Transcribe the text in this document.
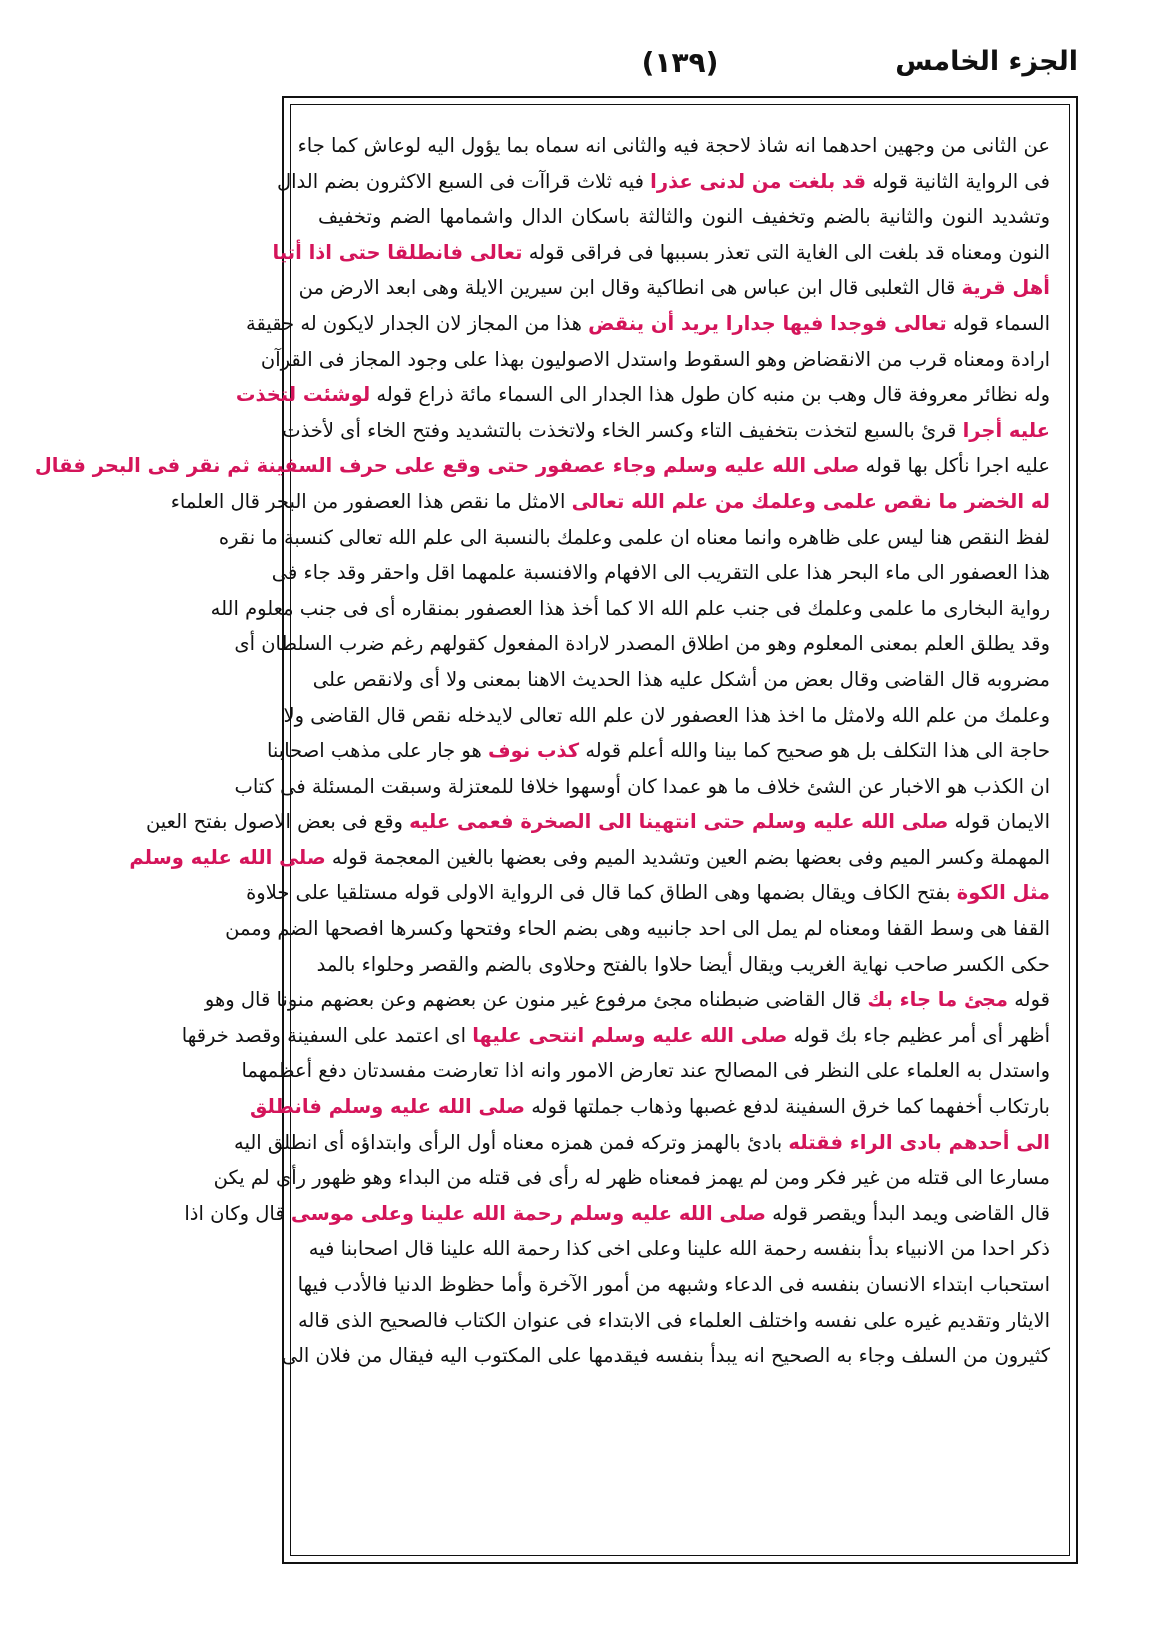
الجزء الخامس
(١٣٩)
عن الثانى من وجهين احدهما انه شاذ لاحجة فيه والثانى انه سماه بما يؤول اليه لوعاش كما جاء
فى الرواية الثانية قوله قد بلغت من لدنى عذرا فيه ثلاث قراآت فى السبع الاكثرون بضم الدال
وتشديد النون والثانية بالضم وتخفيف النون والثالثة باسكان الدال واشمامها الضم وتخفيف
النون ومعناه قد بلغت الى الغاية التى تعذر بسببها فى فراقى قوله تعالى فانطلقا حتى اذا أتيا
أهل قرية قال الثعلبى قال ابن عباس هى انطاكية وقال ابن سيرين الايلة وهى ابعد الارض من
السماء قوله تعالى فوجدا فيها جدارا يريد أن ينقض هذا من المجاز لان الجدار لايكون له حقيقة
ارادة ومعناه قرب من الانقضاض وهو السقوط واستدل الاصوليون بهذا على وجود المجاز فى القرآن
وله نظائر معروفة قال وهب بن منبه كان طول هذا الجدار الى السماء مائة ذراع قوله لوشئت لتخذت
عليه أجرا قرئ بالسبع لتخذت بتخفيف التاء وكسر الخاء ولاتخذت بالتشديد وفتح الخاء أى لأخذت
عليه اجرا نأكل بها قوله صلى الله عليه وسلم وجاء عصفور حتى وقع على حرف السفينة ثم نقر فى البحر فقال
له الخضر ما نقص علمى وعلمك من علم الله تعالى الامثل ما نقص هذا العصفور من البحر قال العلماء
لفظ النقص هنا ليس على ظاهره وانما معناه ان علمى وعلمك بالنسبة الى علم الله تعالى كنسبة ما نقره
هذا العصفور الى ماء البحر هذا على التقريب الى الافهام والافنسبة علمهما اقل واحقر وقد جاء فى
رواية البخارى ما علمى وعلمك فى جنب علم الله الا كما أخذ هذا العصفور بمنقاره أى فى جنب معلوم الله
وقد يطلق العلم بمعنى المعلوم وهو من اطلاق المصدر لارادة المفعول كقولهم رغم ضرب السلطان أى
مضروبه قال القاضى وقال بعض من أشكل عليه هذا الحديث الاهنا بمعنى ولا أى ولانقص على
وعلمك من علم الله ولامثل ما اخذ هذا العصفور لان علم الله تعالى لايدخله نقص قال القاضى ولا
حاجة الى هذا التكلف بل هو صحيح كما بينا والله أعلم قوله كذب نوف هو جار على مذهب اصحابنا
ان الكذب هو الاخبار عن الشئ خلاف ما هو عمدا كان أوسهوا خلافا للمعتزلة وسبقت المسئلة فى كتاب
الايمان قوله صلى الله عليه وسلم حتى انتهينا الى الصخرة فعمى عليه وقع فى بعض الاصول بفتح العين
المهملة وكسر الميم وفى بعضها بضم العين وتشديد الميم وفى بعضها بالغين المعجمة قوله صلى الله عليه وسلم
مثل الكوة بفتح الكاف ويقال بضمها وهى الطاق كما قال فى الرواية الاولى قوله مستلقيا على حلاوة
القفا هى وسط القفا ومعناه لم يمل الى احد جانبيه وهى بضم الحاء وفتحها وكسرها افصحها الضم وممن
حكى الكسر صاحب نهاية الغريب ويقال أيضا حلاوا بالفتح وحلاوى بالضم والقصر وحلواء بالمد
قوله مجئ ما جاء بك قال القاضى ضبطناه مجئ مرفوع غير منون عن بعضهم وعن بعضهم منونا قال وهو
أظهر أى أمر عظيم جاء بك قوله صلى الله عليه وسلم انتحى عليها اى اعتمد على السفينة وقصد خرقها
واستدل به العلماء على النظر فى المصالح عند تعارض الامور وانه اذا تعارضت مفسدتان دفع أعظمهما
بارتكاب أخفهما كما خرق السفينة لدفع غصبها وذهاب جملتها قوله صلى الله عليه وسلم فانطلق
الى أحدهم بادى الراء فقتله بادئ بالهمز وتركه فمن همزه معناه أول الرأى وابتداؤه أى انطلق اليه
مسارعا الى قتله من غير فكر ومن لم يهمز فمعناه ظهر له رأى فى قتله من البداء وهو ظهور رأى لم يكن
قال القاضى ويمد البدأ ويقصر قوله صلى الله عليه وسلم رحمة الله علينا وعلى موسى قال وكان اذا
ذكر احدا من الانبياء بدأ بنفسه رحمة الله علينا وعلى اخى كذا رحمة الله علينا قال اصحابنا فيه
استحباب ابتداء الانسان بنفسه فى الدعاء وشبهه من أمور الآخرة وأما حظوظ الدنيا فالأدب فيها
الايثار وتقديم غيره على نفسه واختلف العلماء فى الابتداء فى عنوان الكتاب فالصحيح الذى قاله
كثيرون من السلف وجاء به الصحيح انه يبدأ بنفسه فيقدمها على المكتوب اليه فيقال من فلان الى
